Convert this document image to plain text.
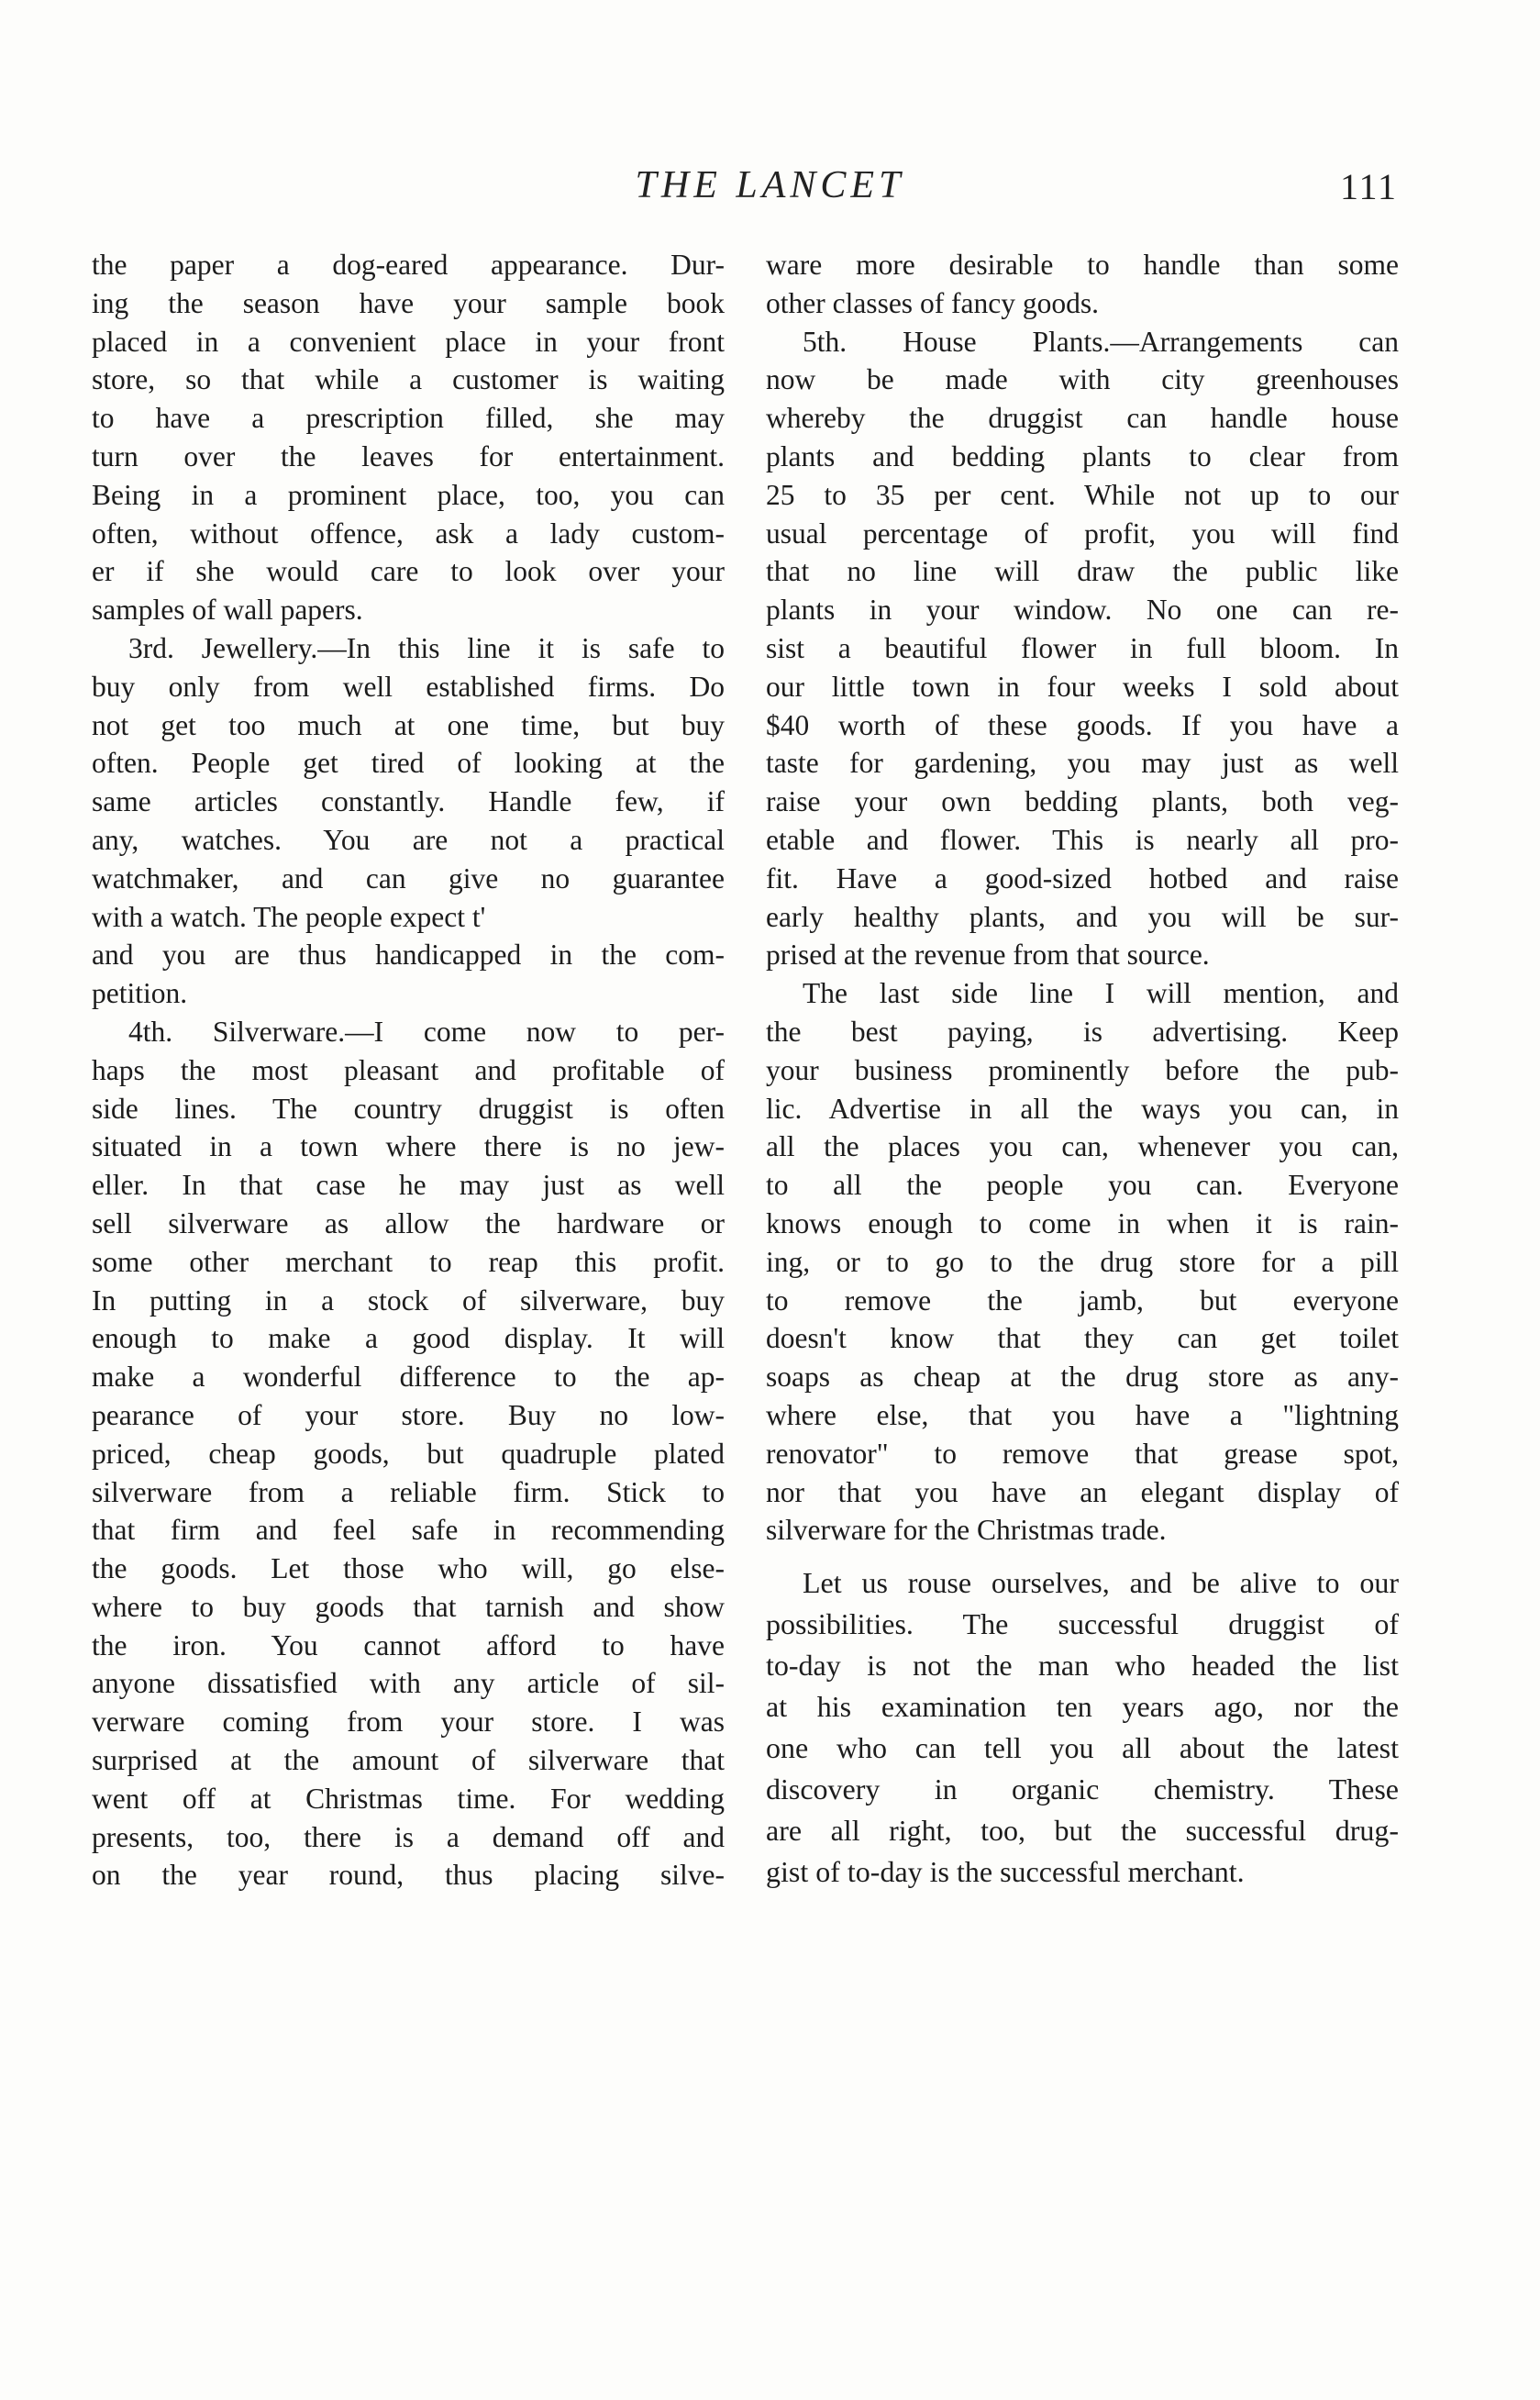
THE LANCET	111
the paper a dog-eared appearance. Dur-
ing the season have your sample book
placed in a convenient place in your front
store, so that while a customer is waiting
to have a prescription filled, she may
turn over the leaves for entertainment.
Being in a prominent place, too, you can
often, without offence, ask a lady custom-
er if she would care to look over your
samples of wall papers.
3rd. Jewellery.—In this line it is safe to
buy only from well established firms. Do
not get too much at one time, but buy
often. People get tired of looking at the
same articles constantly. Handle few, if
any, watches. You are not a practical
watchmaker, and can give no guarantee
with a watch. The people expect t'
and you are thus handicapped in the com-
petition.
4th. Silverware.—I come now to per-
haps the most pleasant and profitable of
side lines. The country druggist is often
situated in a town where there is no jew-
eller. In that case he may just as well
sell silverware as allow the hardware or
some other merchant to reap this profit.
In putting in a stock of silverware, buy
enough to make a good display. It will
make a wonderful difference to the ap-
pearance of your store. Buy no low-
priced, cheap goods, but quadruple plated
silverware from a reliable firm. Stick to
that firm and feel safe in recommending
the goods. Let those who will, go else-
where to buy goods that tarnish and show
the iron. You cannot afford to have
anyone dissatisfied with any article of sil-
verware coming from your store. I was
surprised at the amount of silverware that
went off at Christmas time. For wedding
presents, too, there is a demand off and
on the year round, thus placing silve-
ware more desirable to handle than some
other classes of fancy goods.
5th. House Plants.—Arrangements can
now be made with city greenhouses
whereby the druggist can handle house
plants and bedding plants to clear from
25 to 35 per cent. While not up to our
usual percentage of profit, you will find
that no line will draw the public like
plants in your window. No one can re-
sist a beautiful flower in full bloom. In
our little town in four weeks I sold about
$40 worth of these goods. If you have a
taste for gardening, you may just as well
raise your own bedding plants, both veg-
etable and flower. This is nearly all pro-
fit. Have a good-sized hotbed and raise
early healthy plants, and you will be sur-
prised at the revenue from that source.
The last side line I will mention, and
the best paying, is advertising. Keep
your business prominently before the pub-
lic. Advertise in all the ways you can, in
all the places you can, whenever you can,
to all the people you can. Everyone
knows enough to come in when it is rain-
ing, or to go to the drug store for a pill
to remove the jamb, but everyone
doesn't know that they can get toilet
soaps as cheap at the drug store as any-
where else, that you have a "lightning
renovator" to remove that grease spot,
nor that you have an elegant display of
silverware for the Christmas trade.
Let us rouse ourselves, and be alive to our
possibilities. The successful druggist of
to-day is not the man who headed the list
at his examination ten years ago, nor the
one who can tell you all about the latest
discovery in organic chemistry. These
are all right, too, but the successful drug-
gist of to-day is the successful merchant.
